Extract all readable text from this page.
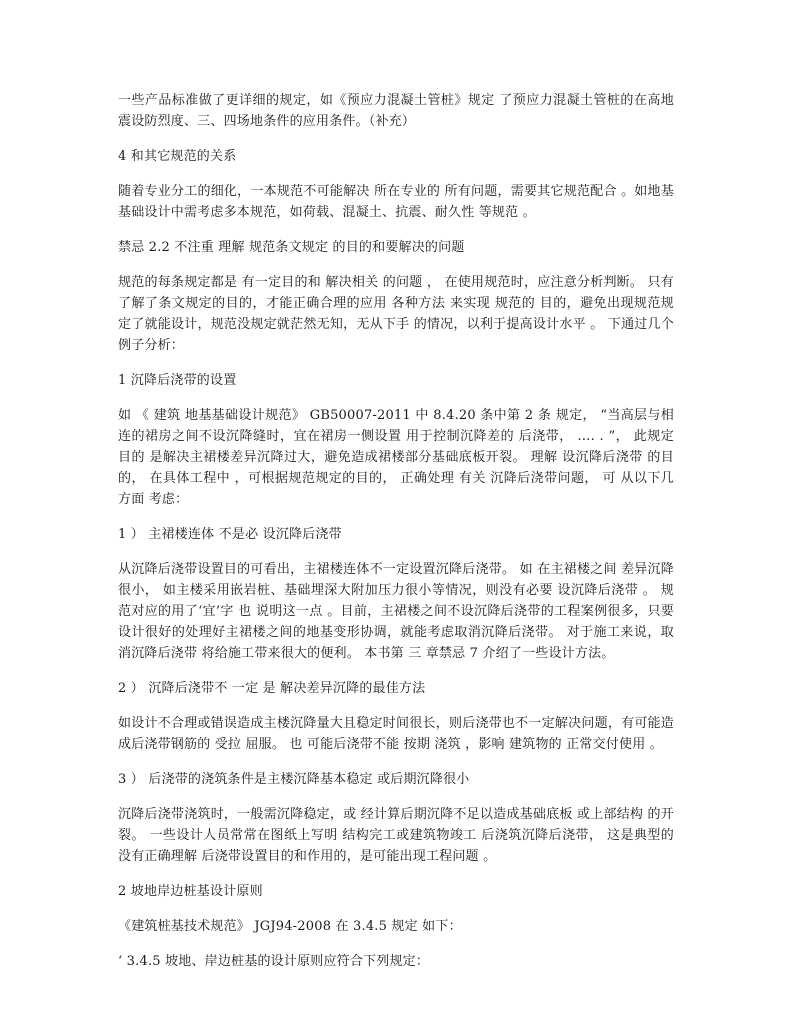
一些产品标准做了更详细的规定，如《预应力混凝土管桩》规定 了预应力混凝土管桩的在高地震设防烈度、三、四场地条件的应用条件。（补充）

4 和其它规范的关系

随着专业分工的细化，一本规范不可能解决 所在专业的 所有问题，需要其它规范配合 。如地基基础设计中需考虑多本规范，如荷载、混凝土、抗震、耐久性 等规范 。

禁忌 2.2 不注重 理解 规范条文规定 的目的和要解决的问题

规范的每条规定都是 有一定目的和 解决相关 的问题 ， 在使用规范时，应注意分析判断。 只有了解了条文规定的目的，才能正确合理的应用 各种方法 来实现 规范的 目的，避免出现规范规定了就能设计，规范没规定就茫然无知，无从下手 的情况，以利于提高设计水平 。 下通过几个例子分析：

1 沉降后浇带的设置

如 《 建筑 地基基础设计规范》 GB50007-2011 中 8.4.20 条中第 2 条 规定， “当高层与相连的裙房之间不设沉降缝时，宜在裙房一侧设置 用于控制沉降差的 后浇带， …. . ”， 此规定 目的 是解决主裙楼差异沉降过大，避免造成裙楼部分基础底板开裂。 理解 设沉降后浇带 的目的， 在具体工程中 ，可根据规范规定的目的， 正确处理 有关 沉降后浇带问题， 可 从以下几方面 考虑：

1 ） 主裙楼连体 不是必 设沉降后浇带

从沉降后浇带设置目的可看出，主裙楼连体不一定设置沉降后浇带。 如 在主裙楼之间 差异沉降很小， 如主楼采用嵌岩桩、基础埋深大附加压力很小等情况，则没有必要 设沉降后浇带 。 规范对应的用了‘宜’字 也 说明这一点 。目前，主裙楼之间不设沉降后浇带的工程案例很多，只要设计很好的处理好主裙楼之间的地基变形协调，就能考虑取消沉降后浇带。 对于施工来说，取消沉降后浇带 将给施工带来很大的便利。 本书第 三 章禁忌 7 介绍了一些设计方法。

2 ） 沉降后浇带不 一定 是 解决差异沉降的最佳方法

如设计不合理或错误造成主楼沉降量大且稳定时间很长，则后浇带也不一定解决问题，有可能造成后浇带钢筋的 受拉 屈服。 也 可能后浇带不能 按期 浇筑 ，影响 建筑物的 正常交付使用 。

3 ） 后浇带的浇筑条件是主楼沉降基本稳定 或后期沉降很小

沉降后浇带浇筑时，一般需沉降稳定，或 经计算后期沉降不足以造成基础底板 或上部结构 的开裂。 一些设计人员常常在图纸上写明 结构完工或建筑物竣工 后浇筑沉降后浇带， 这是典型的 没有正确理解 后浇带设置目的和作用的，是可能出现工程问题 。

2 坡地岸边桩基设计原则

《建筑桩基技术规范》 JGJ94-2008 在 3.4.5 规定 如下：

‘ 3.4.5 坡地、岸边桩基的设计原则应符合下列规定：
